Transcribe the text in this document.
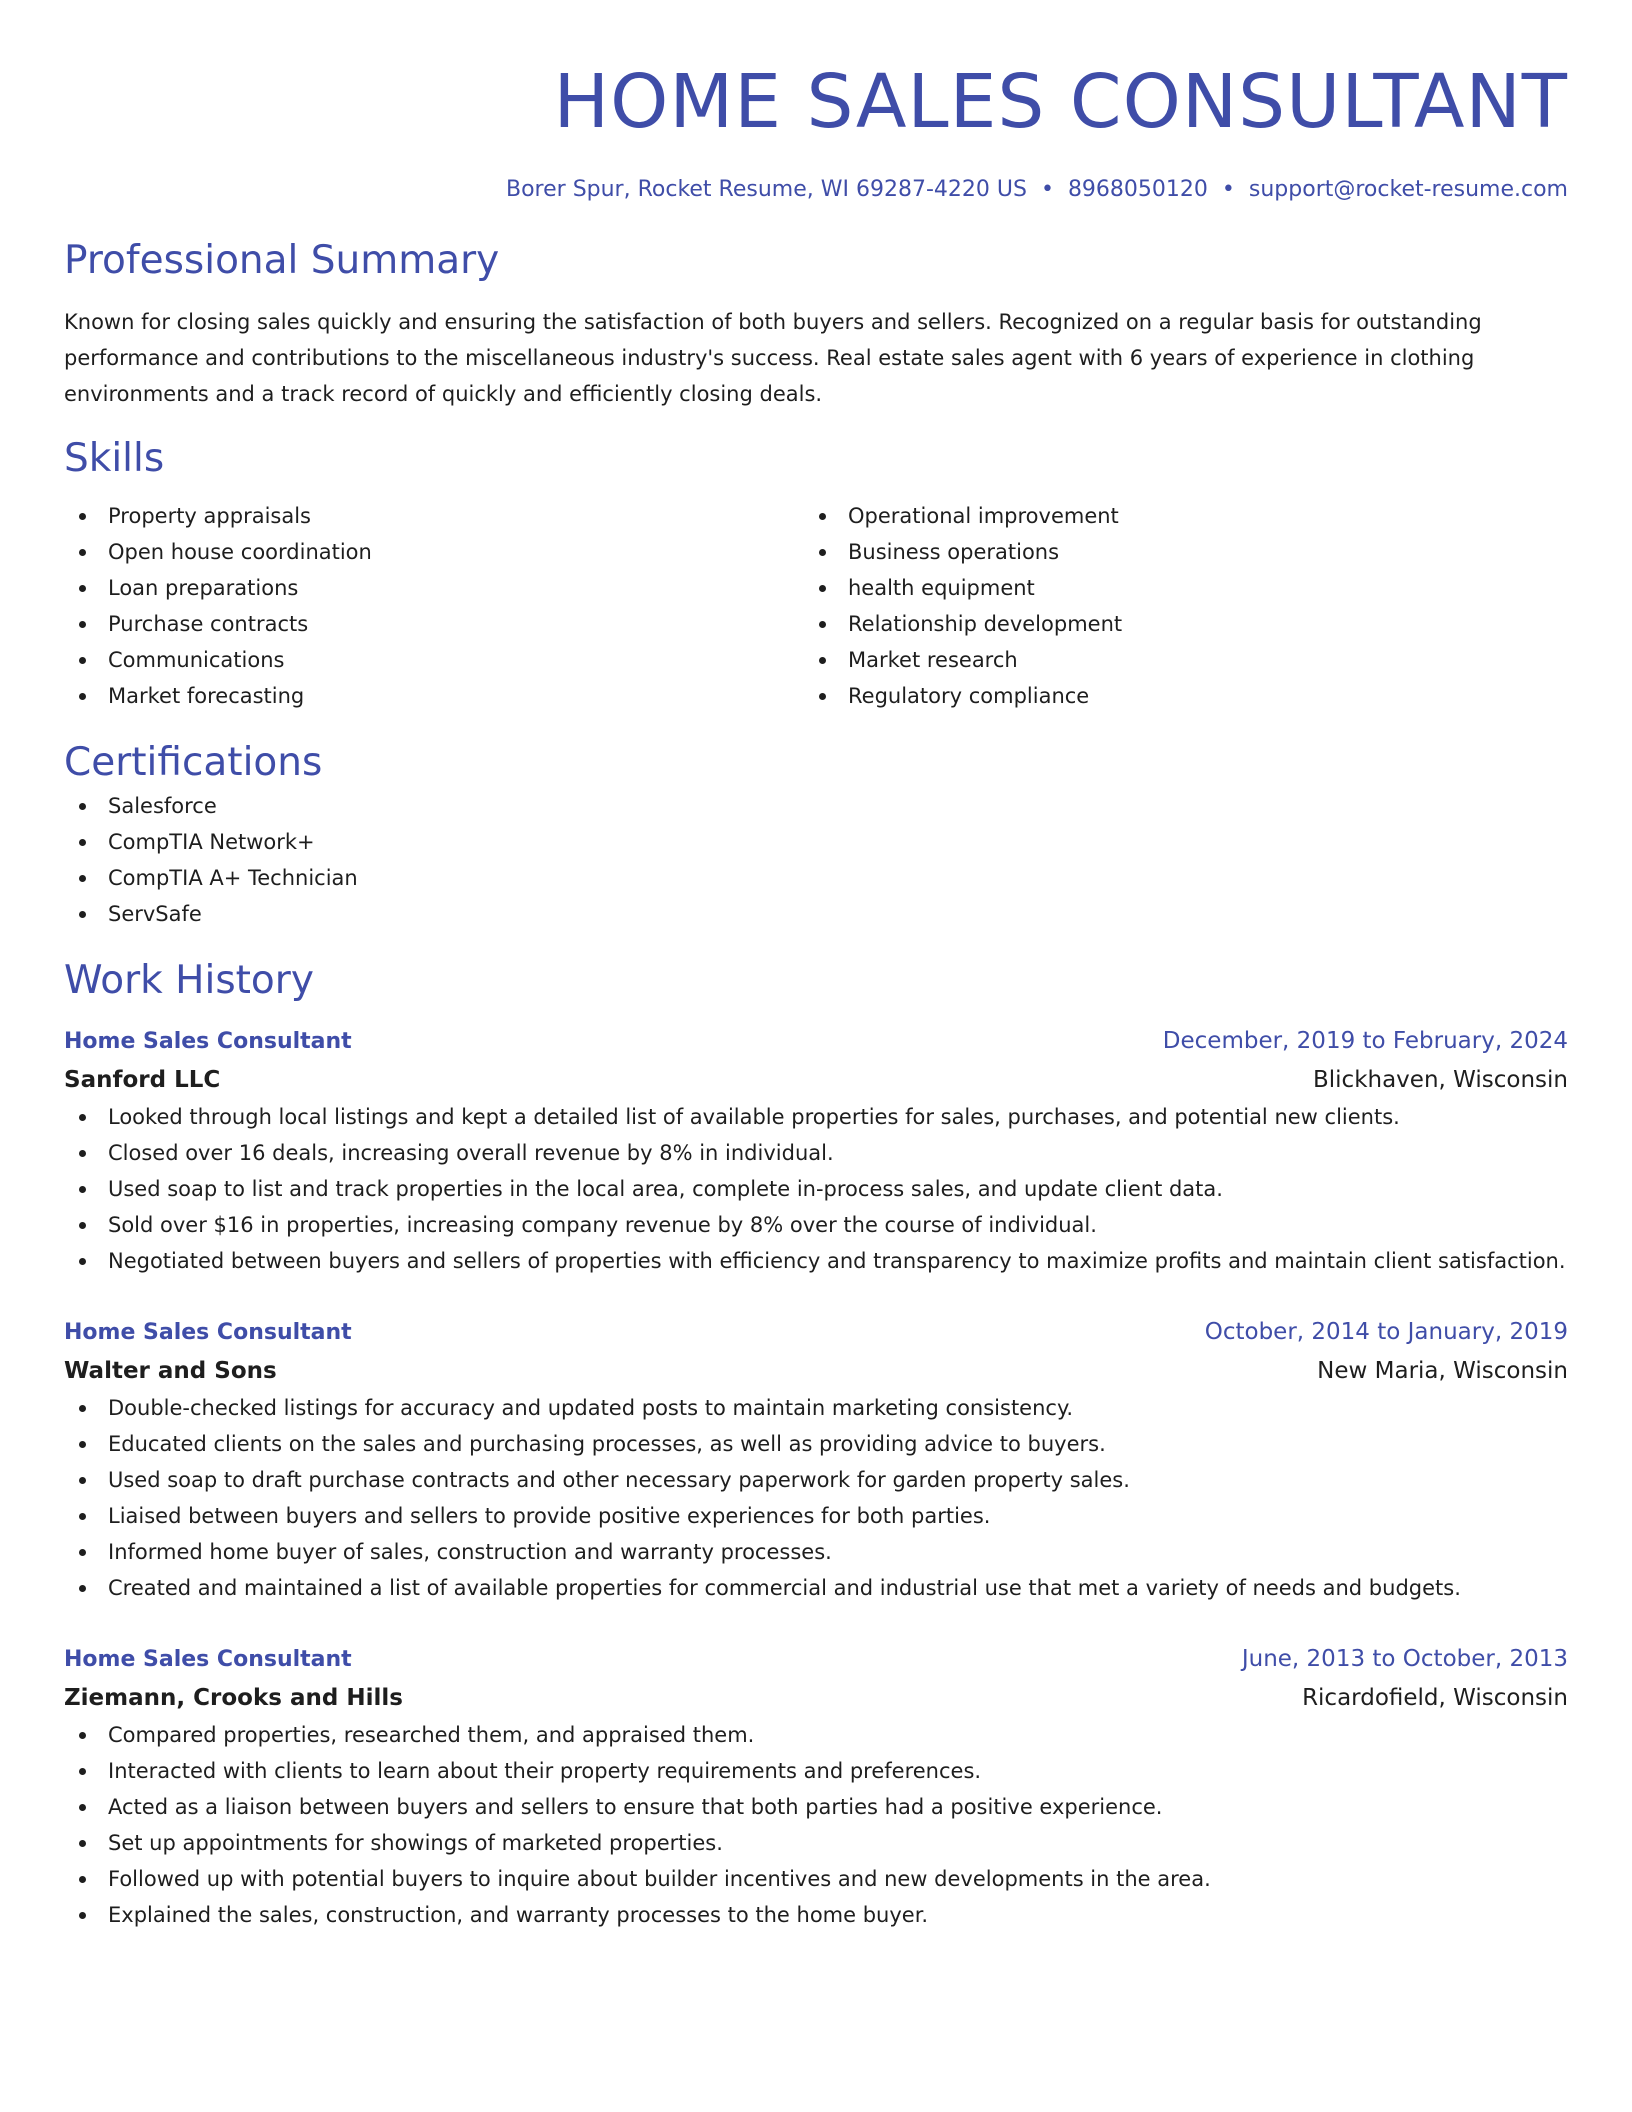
HOME SALES CONSULTANT
Borer Spur, Rocket Resume, WI 69287-4220 US • 8968050120 • support@rocket-resume.com
Professional Summary

Known for closing sales quickly and ensuring the satisfaction of both buyers and sellers. Recognized on a regular basis for outstanding performance and contributions to the miscellaneous industry's success. Real estate sales agent with 6 years of experience in clothing environments and a track record of quickly and efficiently closing deals.

Skills
Property appraisals
Open house coordination
Loan preparations
Purchase contracts
Communications
Market forecasting
Operational improvement
Business operations
health equipment
Relationship development
Market research
Regulatory compliance
Certifications
Salesforce
CompTIA Network+
CompTIA A+ Technician
ServSafe
Work History
Home Sales Consultant	December, 2019 to February, 2024
Sanford LLC	Blickhaven, Wisconsin
Looked through local listings and kept a detailed list of available properties for sales, purchases, and potential new clients.
Closed over 16 deals, increasing overall revenue by 8% in individual.
Used soap to list and track properties in the local area, complete in-process sales, and update client data.
Sold over $16 in properties, increasing company revenue by 8% over the course of individual.
Negotiated between buyers and sellers of properties with efficiency and transparency to maximize profits and maintain client satisfaction.
Home Sales Consultant	October, 2014 to January, 2019
Walter and Sons	New Maria, Wisconsin
Double-checked listings for accuracy and updated posts to maintain marketing consistency.
Educated clients on the sales and purchasing processes, as well as providing advice to buyers.
Used soap to draft purchase contracts and other necessary paperwork for garden property sales.
Liaised between buyers and sellers to provide positive experiences for both parties.
Informed home buyer of sales, construction and warranty processes.
Created and maintained a list of available properties for commercial and industrial use that met a variety of needs and budgets.
Home Sales Consultant	June, 2013 to October, 2013
Ziemann, Crooks and Hills	Ricardofield, Wisconsin
Compared properties, researched them, and appraised them.
Interacted with clients to learn about their property requirements and preferences.
Acted as a liaison between buyers and sellers to ensure that both parties had a positive experience.
Set up appointments for showings of marketed properties.
Followed up with potential buyers to inquire about builder incentives and new developments in the area.
Explained the sales, construction, and warranty processes to the home buyer.
